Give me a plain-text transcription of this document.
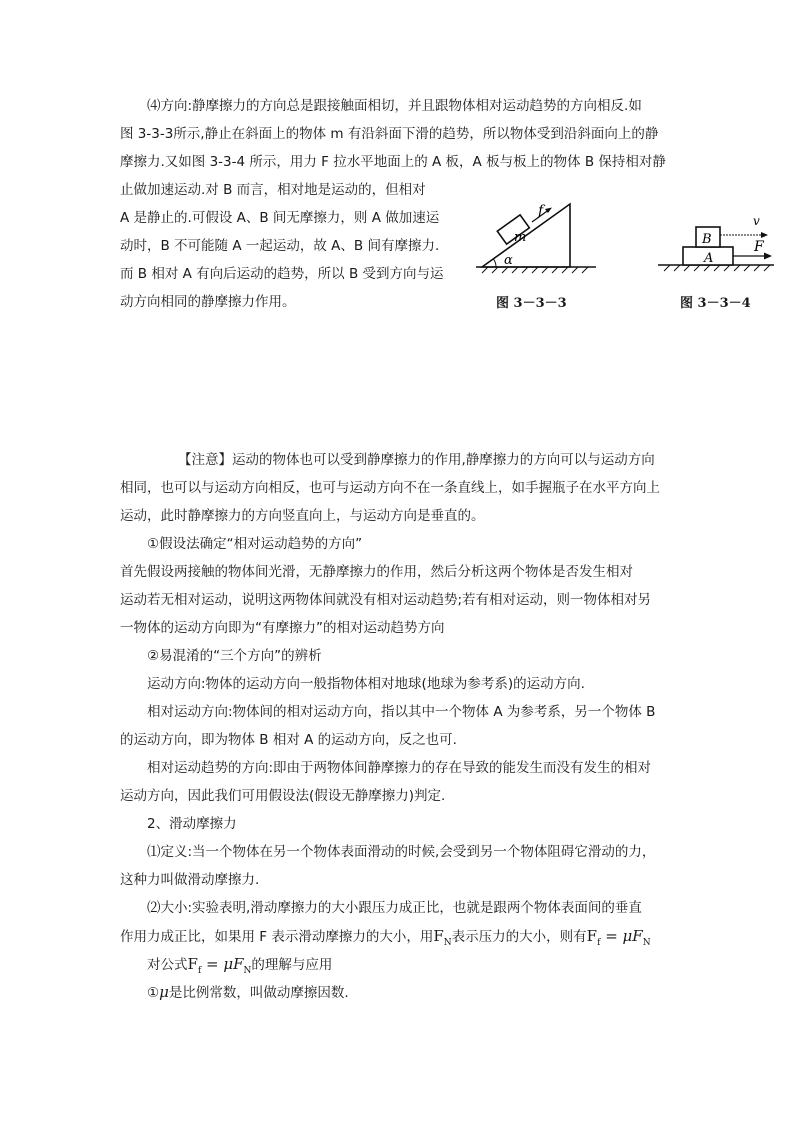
⑷方向:静摩擦力的方向总是跟接触面相切，并且跟物体相对运动趋势的方向相反.如
图 3-3-3所示,静止在斜面上的物体 m 有沿斜面下滑的趋势，所以物体受到沿斜面向上的静
摩擦力.又如图 3-3-4 所示，用力 F 拉水平地面上的 A 板，A 板与板上的物体 B 保持相对静
止做加速运动.对 B 而言，相对地是运动的，但相对
A 是静止的.可假设 A、B 间无摩擦力，则 A 做加速运
动时，B 不可能随 A 一起运动，故 A、B 间有摩擦力.
而 B 相对 A 有向后运动的趋势，所以 B 受到方向与运
动方向相同的静摩擦力作用。
m
f
α
图 3－3－3
B
A
v
F
图 3－3－4
【注意】运动的物体也可以受到静摩擦力的作用,静摩擦力的方向可以与运动方向
相同，也可以与运动方向相反，也可与运动方向不在一条直线上，如手握瓶子在水平方向上
运动，此时静摩擦力的方向竖直向上，与运动方向是垂直的。
①假设法确定“相对运动趋势的方向”
首先假设两接触的物体间光滑，无静摩擦力的作用，然后分析这两个物体是否发生相对
运动若无相对运动，说明这两物体间就没有相对运动趋势;若有相对运动，则一物体相对另
一物体的运动方向即为“有摩擦力”的相对运动趋势方向
②易混淆的“三个方向”的辨析
运动方向:物体的运动方向一般指物体相对地球(地球为参考系)的运动方向.
相对运动方向:物体间的相对运动方向，指以其中一个物体 A 为参考系，另一个物体 B
的运动方向，即为物体 B 相对 A 的运动方向，反之也可.
相对运动趋势的方向:即由于两物体间静摩擦力的存在导致的能发生而没有发生的相对
运动方向，因此我们可用假设法(假设无静摩擦力)判定.
2、滑动摩擦力
⑴定义:当一个物体在另一个物体表面滑动的时候,会受到另一个物体阻碍它滑动的力，
这种力叫做滑动摩擦力.
⑵大小:实验表明,滑动摩擦力的大小跟压力成正比，也就是跟两个物体表面间的垂直
作用力成正比，如果用 F 表示滑动摩擦力的大小，用$F_N$表示压力的大小，则有$F_f = \mu F_N$
对公式$F_f = \mu F_N$的理解与应用
①μ是比例常数，叫做动摩擦因数.
